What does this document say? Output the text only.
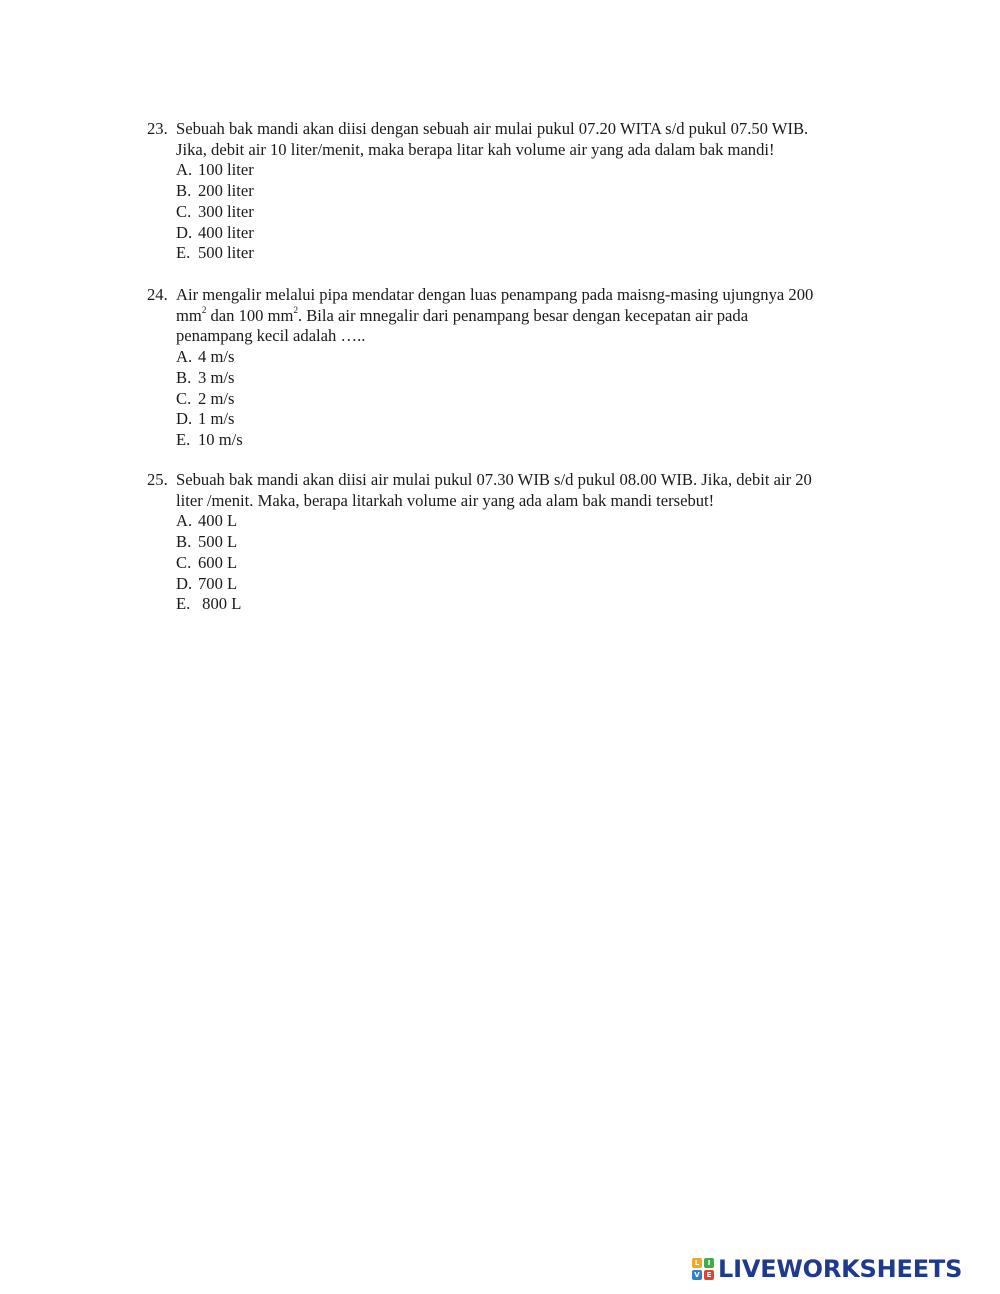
23. Sebuah bak mandi akan diisi dengan sebuah air mulai pukul 07.20 WITA s/d pukul 07.50 WIB.
Jika, debit air 10 liter/menit, maka berapa litar kah volume air yang ada dalam bak mandi!
A. 100 liter
B. 200 liter
C. 300 liter
D. 400 liter
E. 500 liter
24. Air mengalir melalui pipa mendatar dengan luas penampang pada maisng-masing ujungnya 200
$mm^2$ dan 100 $mm^2$. Bila air mnegalir dari penampang besar dengan kecepatan air pada
penampang kecil adalah …..
A. 4 m/s
B. 3 m/s
C. 2 m/s
D. 1 m/s
E. 10 m/s
25. Sebuah bak mandi akan diisi air mulai pukul 07.30 WIB s/d pukul 08.00 WIB. Jika, debit air 20
liter /menit. Maka, berapa litarkah volume air yang ada alam bak mandi tersebut!
A. 400 L
B. 500 L
C. 600 L
D. 700 L
E. 800 L
L	I
V E LIVEWORKSHEETS
